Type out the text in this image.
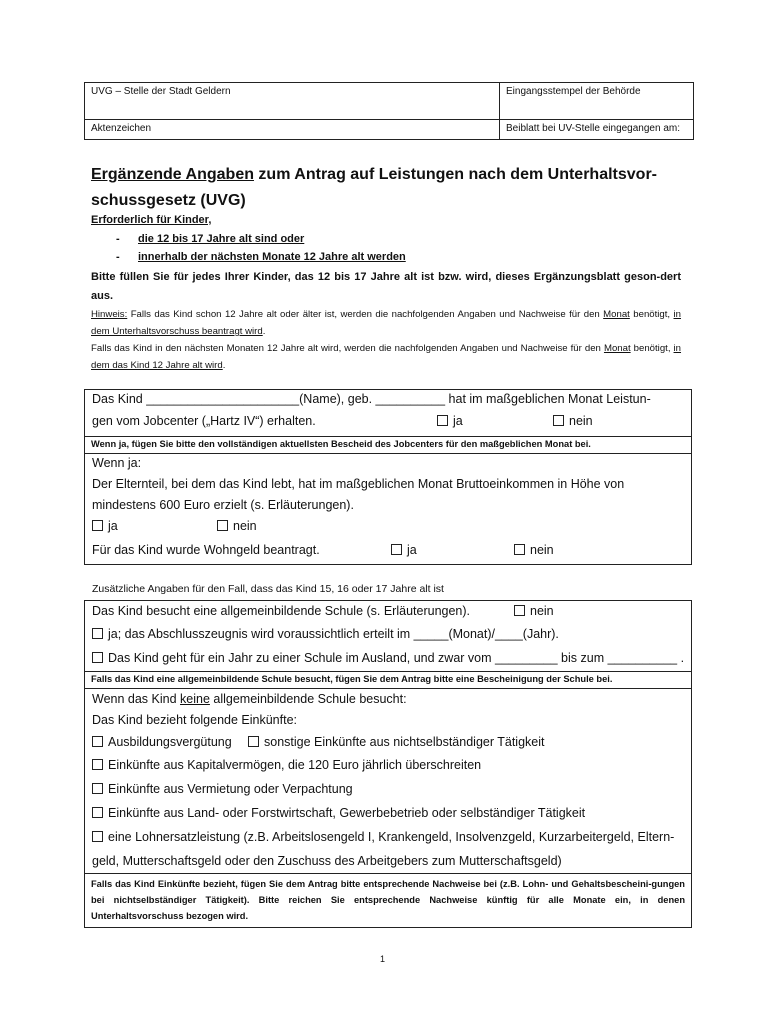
UVG – Stelle der Stadt Geldern	Eingangsstempel der Behörde
Aktenzeichen	Beiblatt bei UV-Stelle eingegangen am:
Ergänzende Angaben zum Antrag auf Leistungen nach dem Unterhaltsvor-
schussgesetz (UVG)
Erforderlich für Kinder,
- die 12 bis 17 Jahre alt sind oder
- innerhalb der nächsten Monate 12 Jahre alt werden
Bitte füllen Sie für jedes Ihrer Kinder, das 12 bis 17 Jahre alt ist bzw. wird, dieses Ergänzungsblatt geson-dert aus.
Hinweis: Falls das Kind schon 12 Jahre alt oder älter ist, werden die nachfolgenden Angaben und Nachweise für den Monat benötigt, in dem Unterhaltsvorschuss beantragt wird.
Falls das Kind in den nächsten Monaten 12 Jahre alt wird, werden die nachfolgenden Angaben und Nachweise für den Monat benötigt, in dem das Kind 12 Jahre alt wird.
Das Kind ______________________(Name), geb. __________ hat im maßgeblichen Monat Leistun-
gen vom Jobcenter („Hartz IV“) erhalten.	ja	nein
Wenn ja, fügen Sie bitte den vollständigen aktuellsten Bescheid des Jobcenters für den maßgeblichen Monat bei.
Wenn ja:
Der Elternteil, bei dem das Kind lebt, hat im maßgeblichen Monat Bruttoeinkommen in Höhe von
mindestens 600 Euro erzielt (s. Erläuterungen).
ja	nein
Für das Kind wurde Wohngeld beantragt.	ja	nein
Zusätzliche Angaben für den Fall, dass das Kind 15, 16 oder 17 Jahre alt ist
Das Kind besucht eine allgemeinbildende Schule (s. Erläuterungen).	nein
ja; das Abschlusszeugnis wird voraussichtlich erteilt im _____(Monat)/____(Jahr).
Das Kind geht für ein Jahr zu einer Schule im Ausland, und zwar vom _________ bis zum __________ .
Falls das Kind eine allgemeinbildende Schule besucht, fügen Sie dem Antrag bitte eine Bescheinigung der Schule bei.
Wenn das Kind keine allgemeinbildende Schule besucht:
Das Kind bezieht folgende Einkünfte:
Ausbildungsvergütung	sonstige Einkünfte aus nichtselbständiger Tätigkeit
Einkünfte aus Kapitalvermögen, die 120 Euro jährlich überschreiten
Einkünfte aus Vermietung oder Verpachtung
Einkünfte aus Land- oder Forstwirtschaft, Gewerbebetrieb oder selbständiger Tätigkeit
eine Lohnersatzleistung (z.B. Arbeitslosengeld I, Krankengeld, Insolvenzgeld, Kurzarbeitergeld, Eltern-
geld, Mutterschaftsgeld oder den Zuschuss des Arbeitgebers zum Mutterschaftsgeld)
Falls das Kind Einkünfte bezieht, fügen Sie dem Antrag bitte entsprechende Nachweise bei (z.B. Lohn- und Gehaltsbescheini-gungen bei nichtselbständiger Tätigkeit). Bitte reichen Sie entsprechende Nachweise künftig für alle Monate ein, in denen Unterhaltsvorschuss bezogen wird.
1
